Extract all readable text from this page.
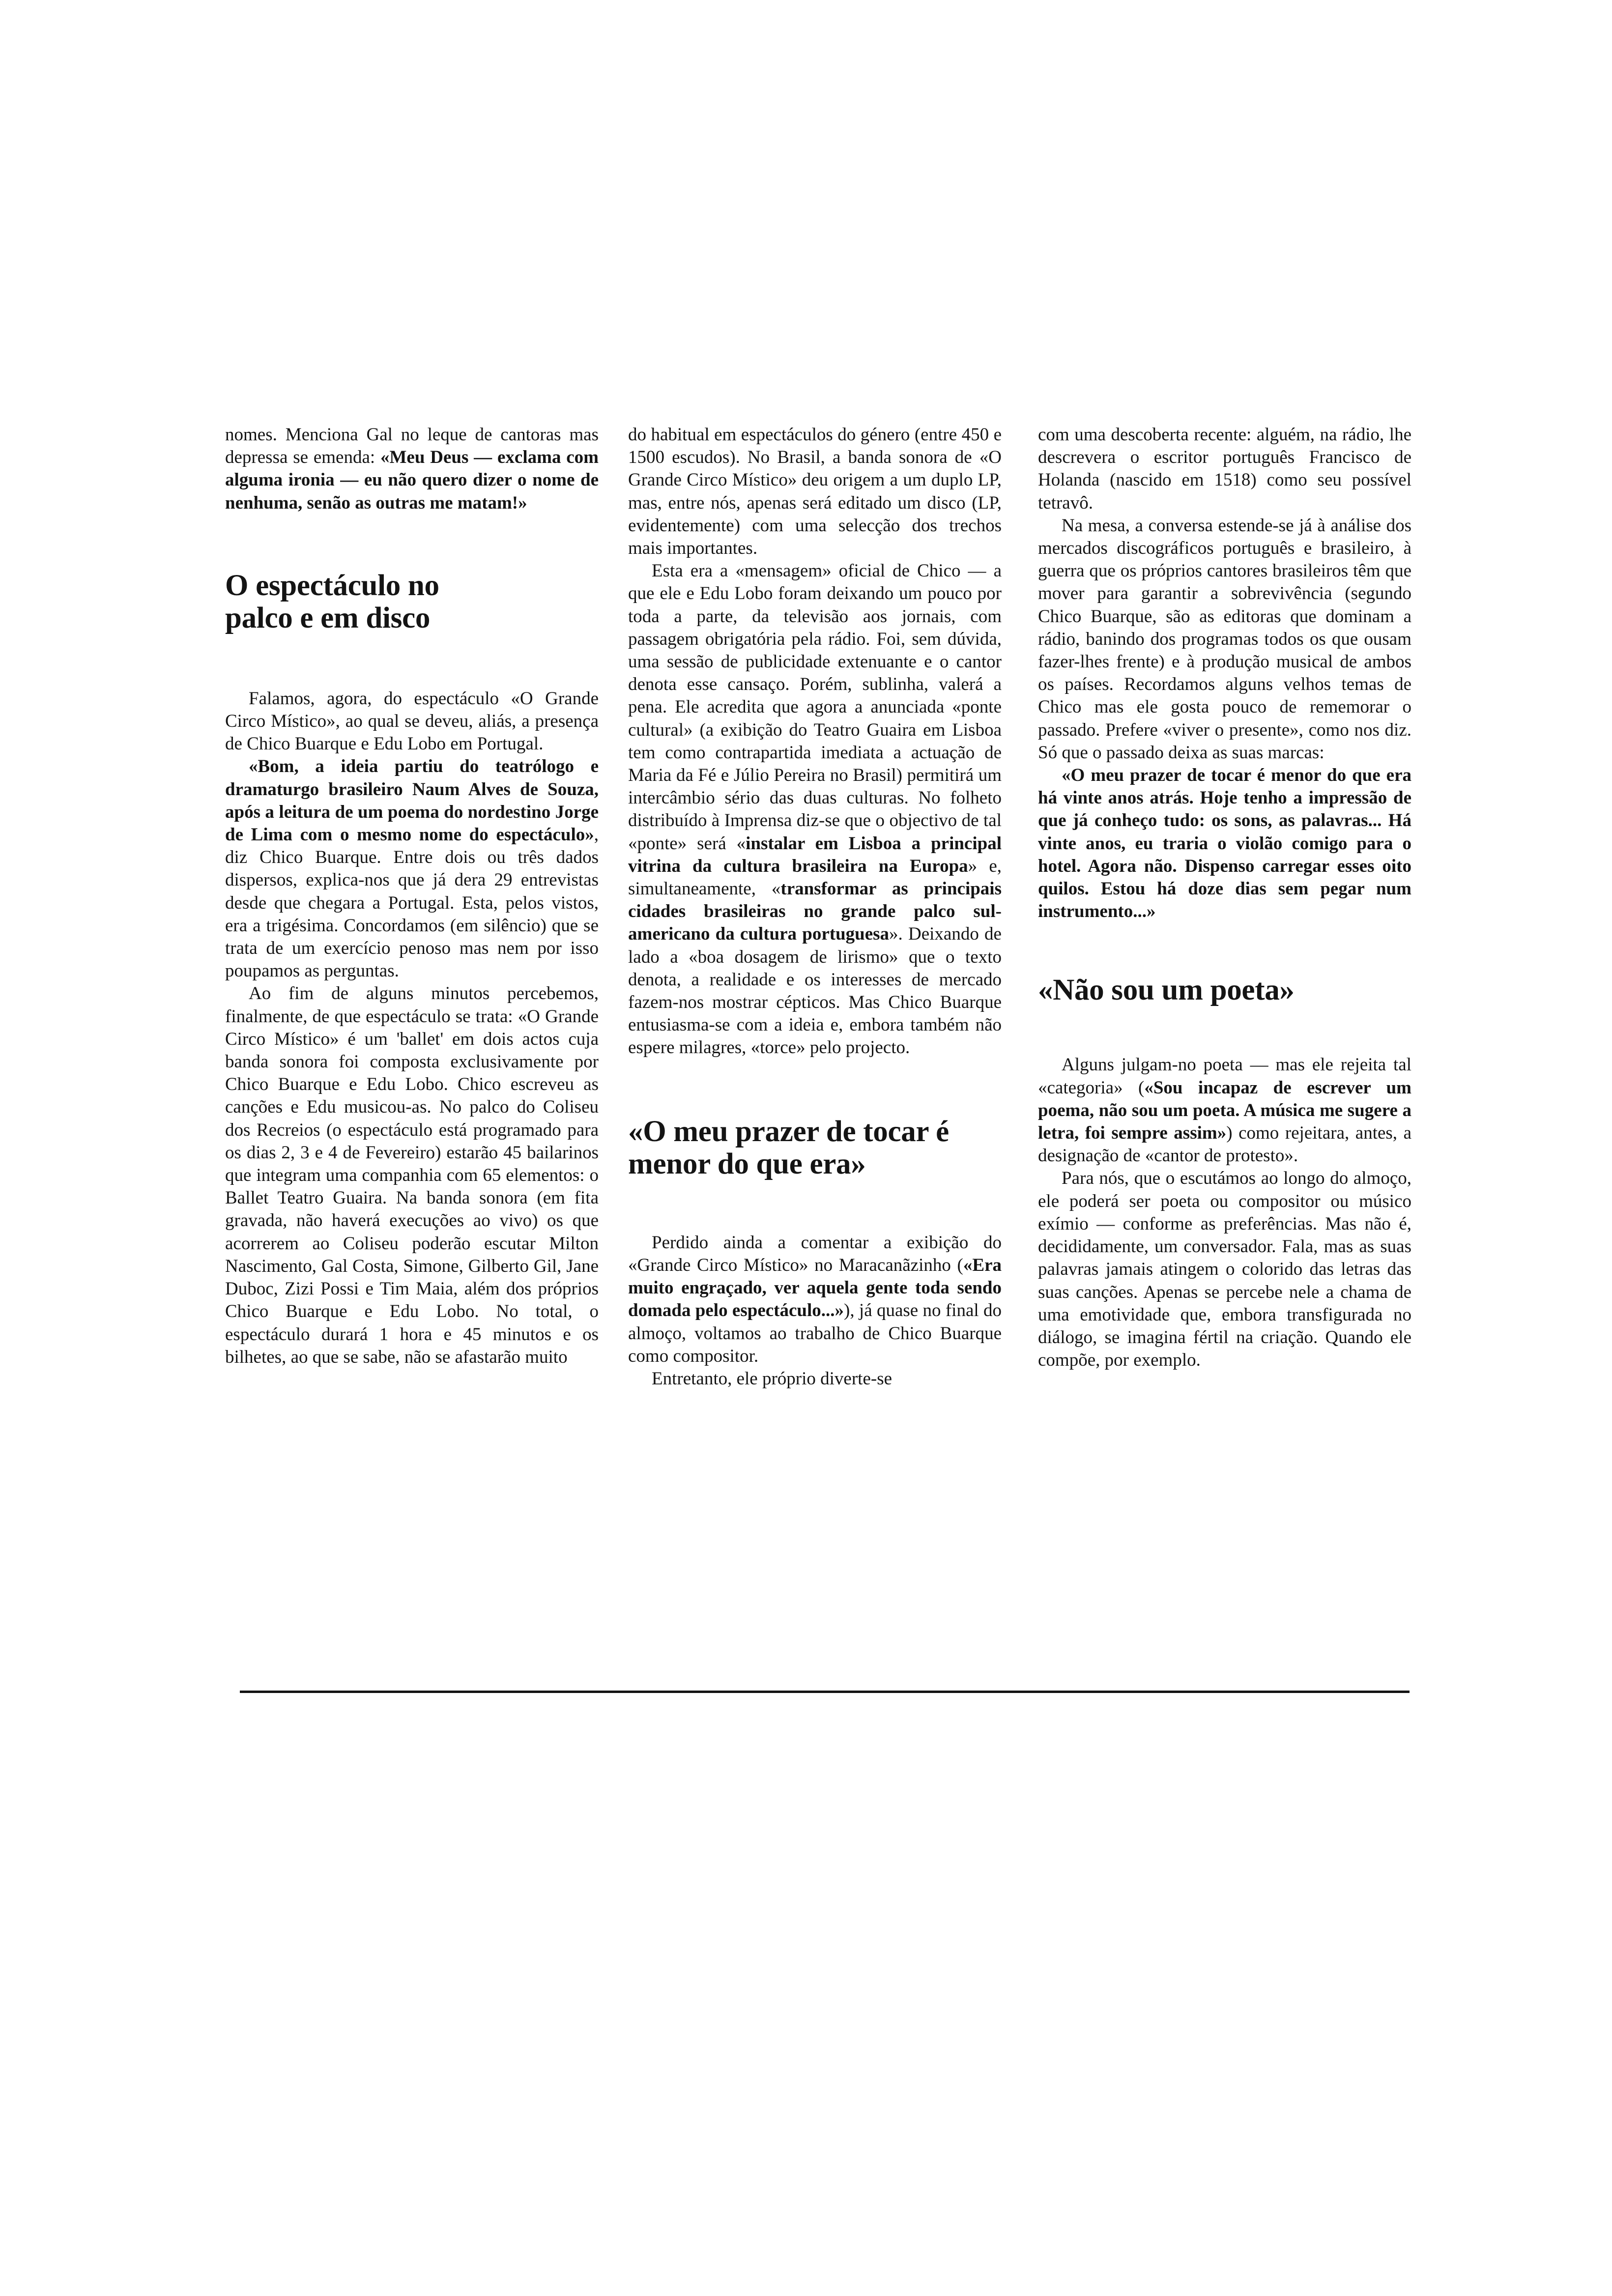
nomes. Menciona Gal no leque de cantoras mas depressa se emenda: «Meu Deus — exclama com alguma ironia — eu não quero dizer o nome de nenhuma, senão as outras me matam!»

O espectáculo no palco e em disco

Falamos, agora, do espectáculo «O Grande Circo Místico», ao qual se deveu, aliás, a presença de Chico Buarque e Edu Lobo em Portugal.

«Bom, a ideia partiu do teatrólogo e dramaturgo brasileiro Naum Alves de Souza, após a leitura de um poema do nordestino Jorge de Lima com o mesmo nome do espectáculo», diz Chico Buarque. Entre dois ou três dados dispersos, explica-nos que já dera 29 entrevistas desde que chegara a Portugal. Esta, pelos vistos, era a trigésima. Concordamos (em silêncio) que se trata de um exercício penoso mas nem por isso poupamos as perguntas.

Ao fim de alguns minutos percebemos, finalmente, de que espectáculo se trata: «O Grande Circo Místico» é um 'ballet' em dois actos cuja banda sonora foi composta exclusivamente por Chico Buarque e Edu Lobo. Chico escreveu as canções e Edu musicou-as. No palco do Coliseu dos Recreios (o espectáculo está programado para os dias 2, 3 e 4 de Fevereiro) estarão 45 bailarinos que integram uma companhia com 65 elementos: o Ballet Teatro Guaira. Na banda sonora (em fita gravada, não haverá execuções ao vivo) os que acorrerem ao Coliseu poderão escutar Milton Nascimento, Gal Costa, Simone, Gilberto Gil, Jane Duboc, Zizi Possi e Tim Maia, além dos próprios Chico Buarque e Edu Lobo. No total, o espectáculo durará 1 hora e 45 minutos e os bilhetes, ao que se sabe, não se afastarão muito

do habitual em espectáculos do género (entre 450 e 1500 escudos). No Brasil, a banda sonora de «O Grande Circo Místico» deu origem a um duplo LP, mas, entre nós, apenas será editado um disco (LP, evidentemente) com uma selecção dos trechos mais importantes.

Esta era a «mensagem» oficial de Chico — a que ele e Edu Lobo foram deixando um pouco por toda a parte, da televisão aos jornais, com passagem obrigatória pela rádio. Foi, sem dúvida, uma sessão de publicidade extenuante e o cantor denota esse cansaço. Porém, sublinha, valerá a pena. Ele acredita que agora a anunciada «ponte cultural» (a exibição do Teatro Guaira em Lisboa tem como contrapartida imediata a actuação de Maria da Fé e Júlio Pereira no Brasil) permitirá um intercâmbio sério das duas culturas. No folheto distribuído à Imprensa diz-se que o objectivo de tal «ponte» será «instalar em Lisboa a principal vitrina da cultura brasileira na Europa» e, simultaneamente, «transformar as principais cidades brasileiras no grande palco sul-americano da cultura portuguesa». Deixando de lado a «boa dosagem de lirismo» que o texto denota, a realidade e os interesses de mercado fazem-nos mostrar cépticos. Mas Chico Buarque entusiasma-se com a ideia e, embora também não espere milagres, «torce» pelo projecto.

«O meu prazer de tocar é menor do que era»

Perdido ainda a comentar a exibição do «Grande Circo Místico» no Maracanãzinho («Era muito engraçado, ver aquela gente toda sendo domada pelo espectáculo...»), já quase no final do almoço, voltamos ao trabalho de Chico Buarque como compositor.

Entretanto, ele próprio diverte-se

com uma descoberta recente: alguém, na rádio, lhe descrevera o escritor português Francisco de Holanda (nascido em 1518) como seu possível tetravô.

Na mesa, a conversa estende-se já à análise dos mercados discográficos português e brasileiro, à guerra que os próprios cantores brasileiros têm que mover para garantir a sobrevivência (segundo Chico Buarque, são as editoras que dominam a rádio, banindo dos programas todos os que ousam fazer-lhes frente) e à produção musical de ambos os países. Recordamos alguns velhos temas de Chico mas ele gosta pouco de rememorar o passado. Prefere «viver o presente», como nos diz. Só que o passado deixa as suas marcas:

«O meu prazer de tocar é menor do que era há vinte anos atrás. Hoje tenho a impressão de que já conheço tudo: os sons, as palavras... Há vinte anos, eu traria o violão comigo para o hotel. Agora não. Dispenso carregar esses oito quilos. Estou há doze dias sem pegar num instrumento...»

«Não sou um poeta»

Alguns julgam-no poeta — mas ele rejeita tal «categoria» («Sou incapaz de escrever um poema, não sou um poeta. A música me sugere a letra, foi sempre assim») como rejeitara, antes, a designação de «cantor de protesto».

Para nós, que o escutámos ao longo do almoço, ele poderá ser poeta ou compositor ou músico exímio — conforme as preferências. Mas não é, decididamente, um conversador. Fala, mas as suas palavras jamais atingem o colorido das letras das suas canções. Apenas se percebe nele a chama de uma emotividade que, embora transfigurada no diálogo, se imagina fértil na criação. Quando ele compõe, por exemplo.
